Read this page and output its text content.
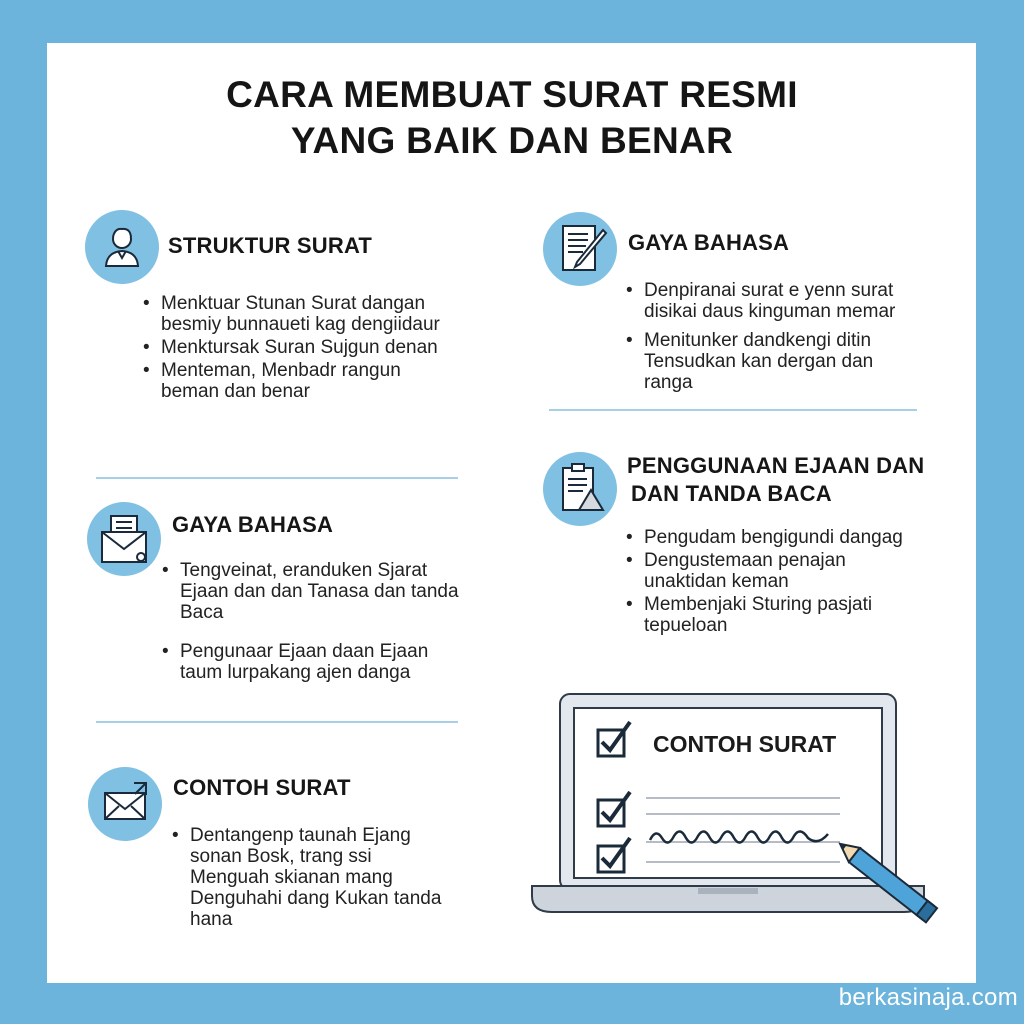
CARA MEMBUAT SURAT RESMI
YANG BAIK DAN BENAR
STRUKTUR SURAT
• Menktuar Stunan Surat dangan besmiy bunnaueti kag dengiidaur
• Menktursak Suran Sujgun denan
• Menteman, Menbadr rangun beman dan benar
GAYA BAHASA
• Tengveinat, eranduken Sjarat Ejaan dan dan Tanasa dan tanda Baca
• Pengunaar Ejaan daan Ejaan taum lurpakang ajen danga
CONTOH SURAT
• Dentangenp taunah Ejang sonan Bosk, trang ssi Menguah skianan mang Denguhahi dang Kukan tanda hana
GAYA BAHASA
• Denpiranai surat e yenn surat disikai daus kinguman memar
• Menitunker dandkengi ditin Tensudkan kan dergan dan ranga
PENGGUNAAN EJAAN DAN
DAN TANDA BACA
• Pengudam bengigundi dangag
• Dengustemaan penajan unaktidan keman
• Membenjaki Sturing pasjati tepueloan
CONTOH SURAT
berkasinaja.com
